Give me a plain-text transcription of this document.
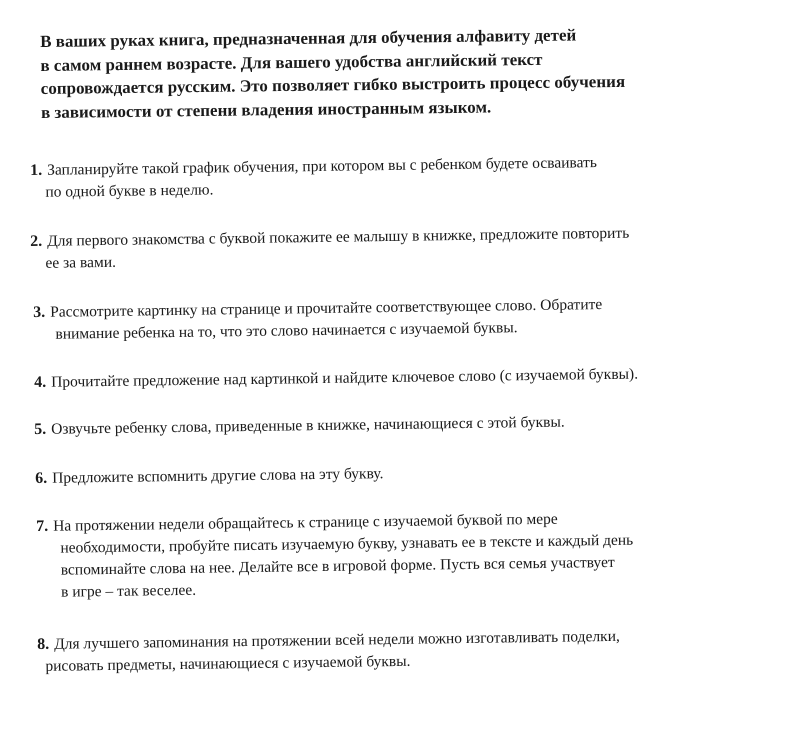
В ваших руках книга, предназначенная для обучения алфавиту детей
в самом раннем возрасте. Для вашего удобства английский текст
сопровождается русским. Это позволяет гибко выстроить процесс обучения
в зависимости от степени владения иностранным языком.
1. Запланируйте такой график обучения, при котором вы с ребенком будете осваивать
по одной букве в неделю.
2. Для первого знакомства с буквой покажите ее малышу в книжке, предложите повторить
ее за вами.
3. Рассмотрите картинку на странице и прочитайте соответствующее слово. Обратите
внимание ребенка на то, что это слово начинается с изучаемой буквы.
4. Прочитайте предложение над картинкой и найдите ключевое слово (с изучаемой буквы).
5. Озвучьте ребенку слова, приведенные в книжке, начинающиеся с этой буквы.
6. Предложите вспомнить другие слова на эту букву.
7. На протяжении недели обращайтесь к странице с изучаемой буквой по мере
необходимости, пробуйте писать изучаемую букву, узнавать ее в тексте и каждый день
вспоминайте слова на нее. Делайте все в игровой форме. Пусть вся семья участвует
в игре – так веселее.
8. Для лучшего запоминания на протяжении всей недели можно изготавливать поделки,
рисовать предметы, начинающиеся с изучаемой буквы.
